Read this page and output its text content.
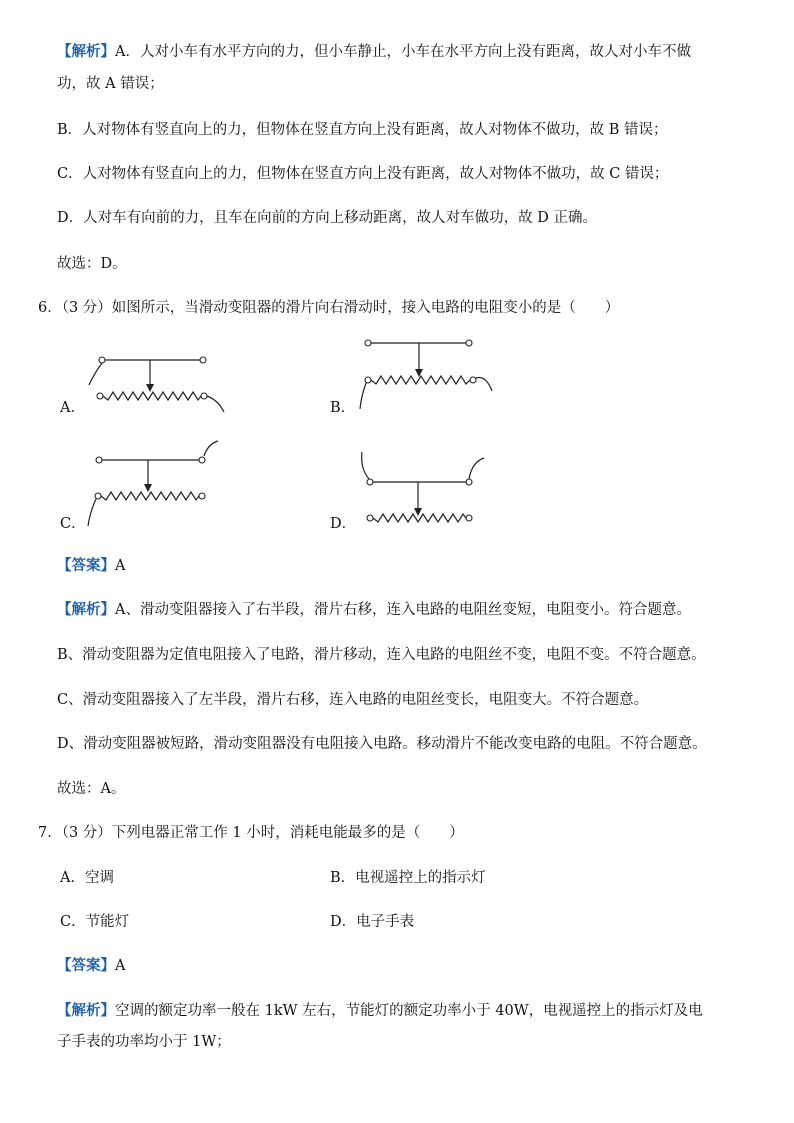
【解析】A．人对小车有水平方向的力，但小车静止，小车在水平方向上没有距离，故人对小车不做
功，故 A 错误；
B．人对物体有竖直向上的力，但物体在竖直方向上没有距离，故人对物体不做功，故 B 错误；
C．人对物体有竖直向上的力，但物体在竖直方向上没有距离，故人对物体不做功，故 C 错误；
D．人对车有向前的力，且车在向前的方向上移动距离，故人对车做功，故 D 正确。
故选：D。
6．（3 分）如图所示，当滑动变阻器的滑片向右滑动时，接入电路的电阻变小的是（　　）
A．	B．
C．	D．
【答案】A
【解析】A、滑动变阻器接入了右半段，滑片右移，连入电路的电阻丝变短，电阻变小。符合题意。
B、滑动变阻器为定值电阻接入了电路，滑片移动，连入电路的电阻丝不变，电阻不变。不符合题意。
C、滑动变阻器接入了左半段，滑片右移，连入电路的电阻丝变长，电阻变大。不符合题意。
D、滑动变阻器被短路，滑动变阻器没有电阻接入电路。移动滑片不能改变电路的电阻。不符合题意。
故选：A。
7．（3 分）下列电器正常工作 1 小时，消耗电能最多的是（　　）
A．空调	B．电视遥控上的指示灯
C．节能灯	D．电子手表
【答案】A
【解析】空调的额定功率一般在 1kW 左右，节能灯的额定功率小于 40W，电视遥控上的指示灯及电
子手表的功率均小于 1W；
